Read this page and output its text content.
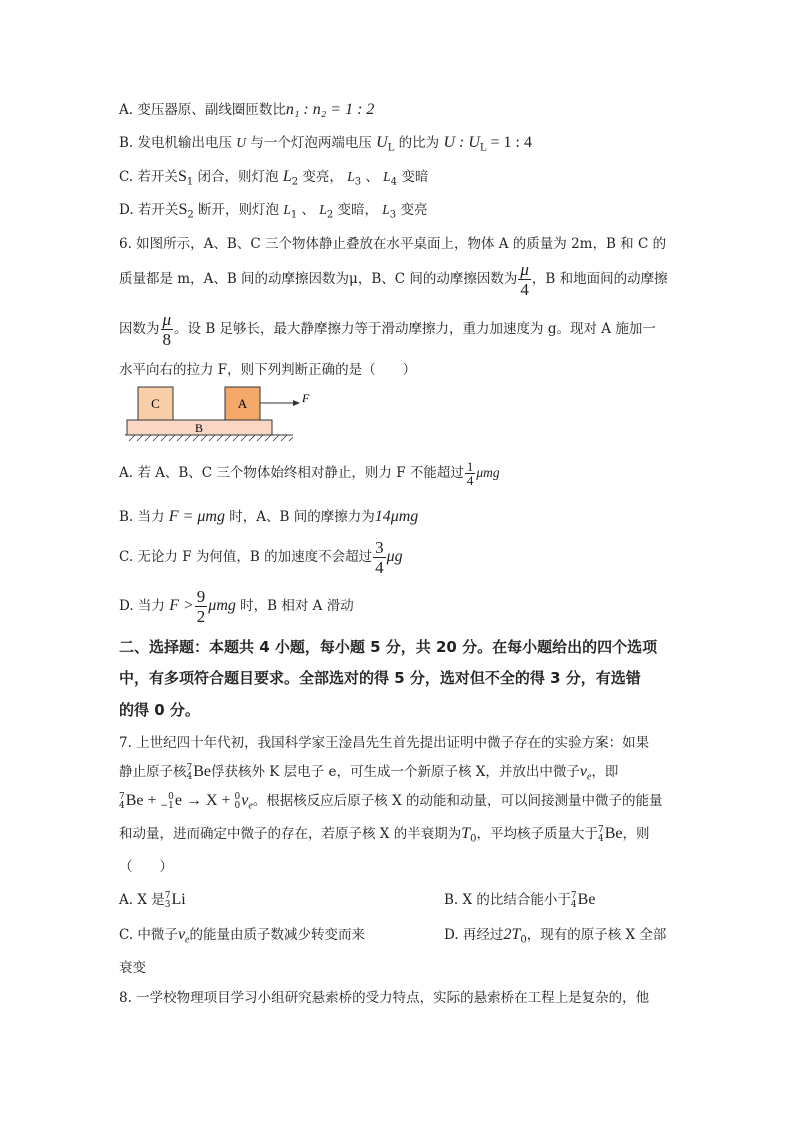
A. 变压器原、副线圈匝数比n₁ : n₂ = 1 : 2
B. 发电机输出电压 U 与一个灯泡两端电压 $U_L$ 的比为 U : $U_L = 1$ : 4
C. 若开关$S_1$ 闭合，则灯泡 $L_2$ 变亮， $L_3$ 、 $L_4$ 变暗
D. 若开关$S_2$ 断开，则灯泡 $L_1$ 、 $L_2$ 变暗， $L_3$ 变亮
6. 如图所示，A、B、C 三个物体静止叠放在水平桌面上，物体 A 的质量为 2m，B 和 C 的
质量都是 m，A、B 间的动摩擦因数为μ，B、C 间的动摩擦因数为 $\frac{\mu}{4}$ ，B 和地面间的动摩擦
因数为 $\frac{\mu}{8}$ 。设 B 足够长，最大静摩擦力等于滑动摩擦力，重力加速度为 g。现对 A 施加一
水平向右的拉力 F，则下列判断正确的是（　　）
C	A	F
B
A. 若 A、B、C 三个物体始终相对静止，则力 F 不能超过 $\frac{1}{4}$ μmg
B. 当力 F = μmg 时，A、B 间的摩擦力为14μmg
C. 无论力 F 为何值，B 的加速度不会超过 $\frac{3}{4}$ μg
D. 当力 $F > \frac{9}{2}$ μmg 时，B 相对 A 滑动
二、选择题：本题共 4 小题，每小题 5 分，共 20 分。在每小题给出的四个选项
中，有多项符合题目要求。全部选对的得 5 分，选对但不全的得 3 分，有选错
的得 0 分。
7. 上世纪四十年代初，我国科学家王淦昌先生首先提出证明中微子存在的实验方案：如果
静止原子核 7
4 Be俘获核外 K 层电子 e，可生成一个新原子核 X，并放出中微子$\nu_e$，即
7
4 Be + 0
−1 e → X + 0
0 $\nu_e$。根据核反应后原子核 X 的动能和动量，可以间接测量中微子的能量
和动量，进而确定中微子的存在，若原子核 X 的半衰期为$T_0$，平均核子质量大于 7
4 Be，则
（　　）
A. X 是 7
3 Li	B. X 的比结合能小于 7
4 Be
C. 中微子$\nu_e$的能量由质子数减少转变而来	D. 再经过$2T_0$，现有的原子核 X 全部
衰变
8. 一学校物理项目学习小组研究悬索桥的受力特点，实际的悬索桥在工程上是复杂的，他
